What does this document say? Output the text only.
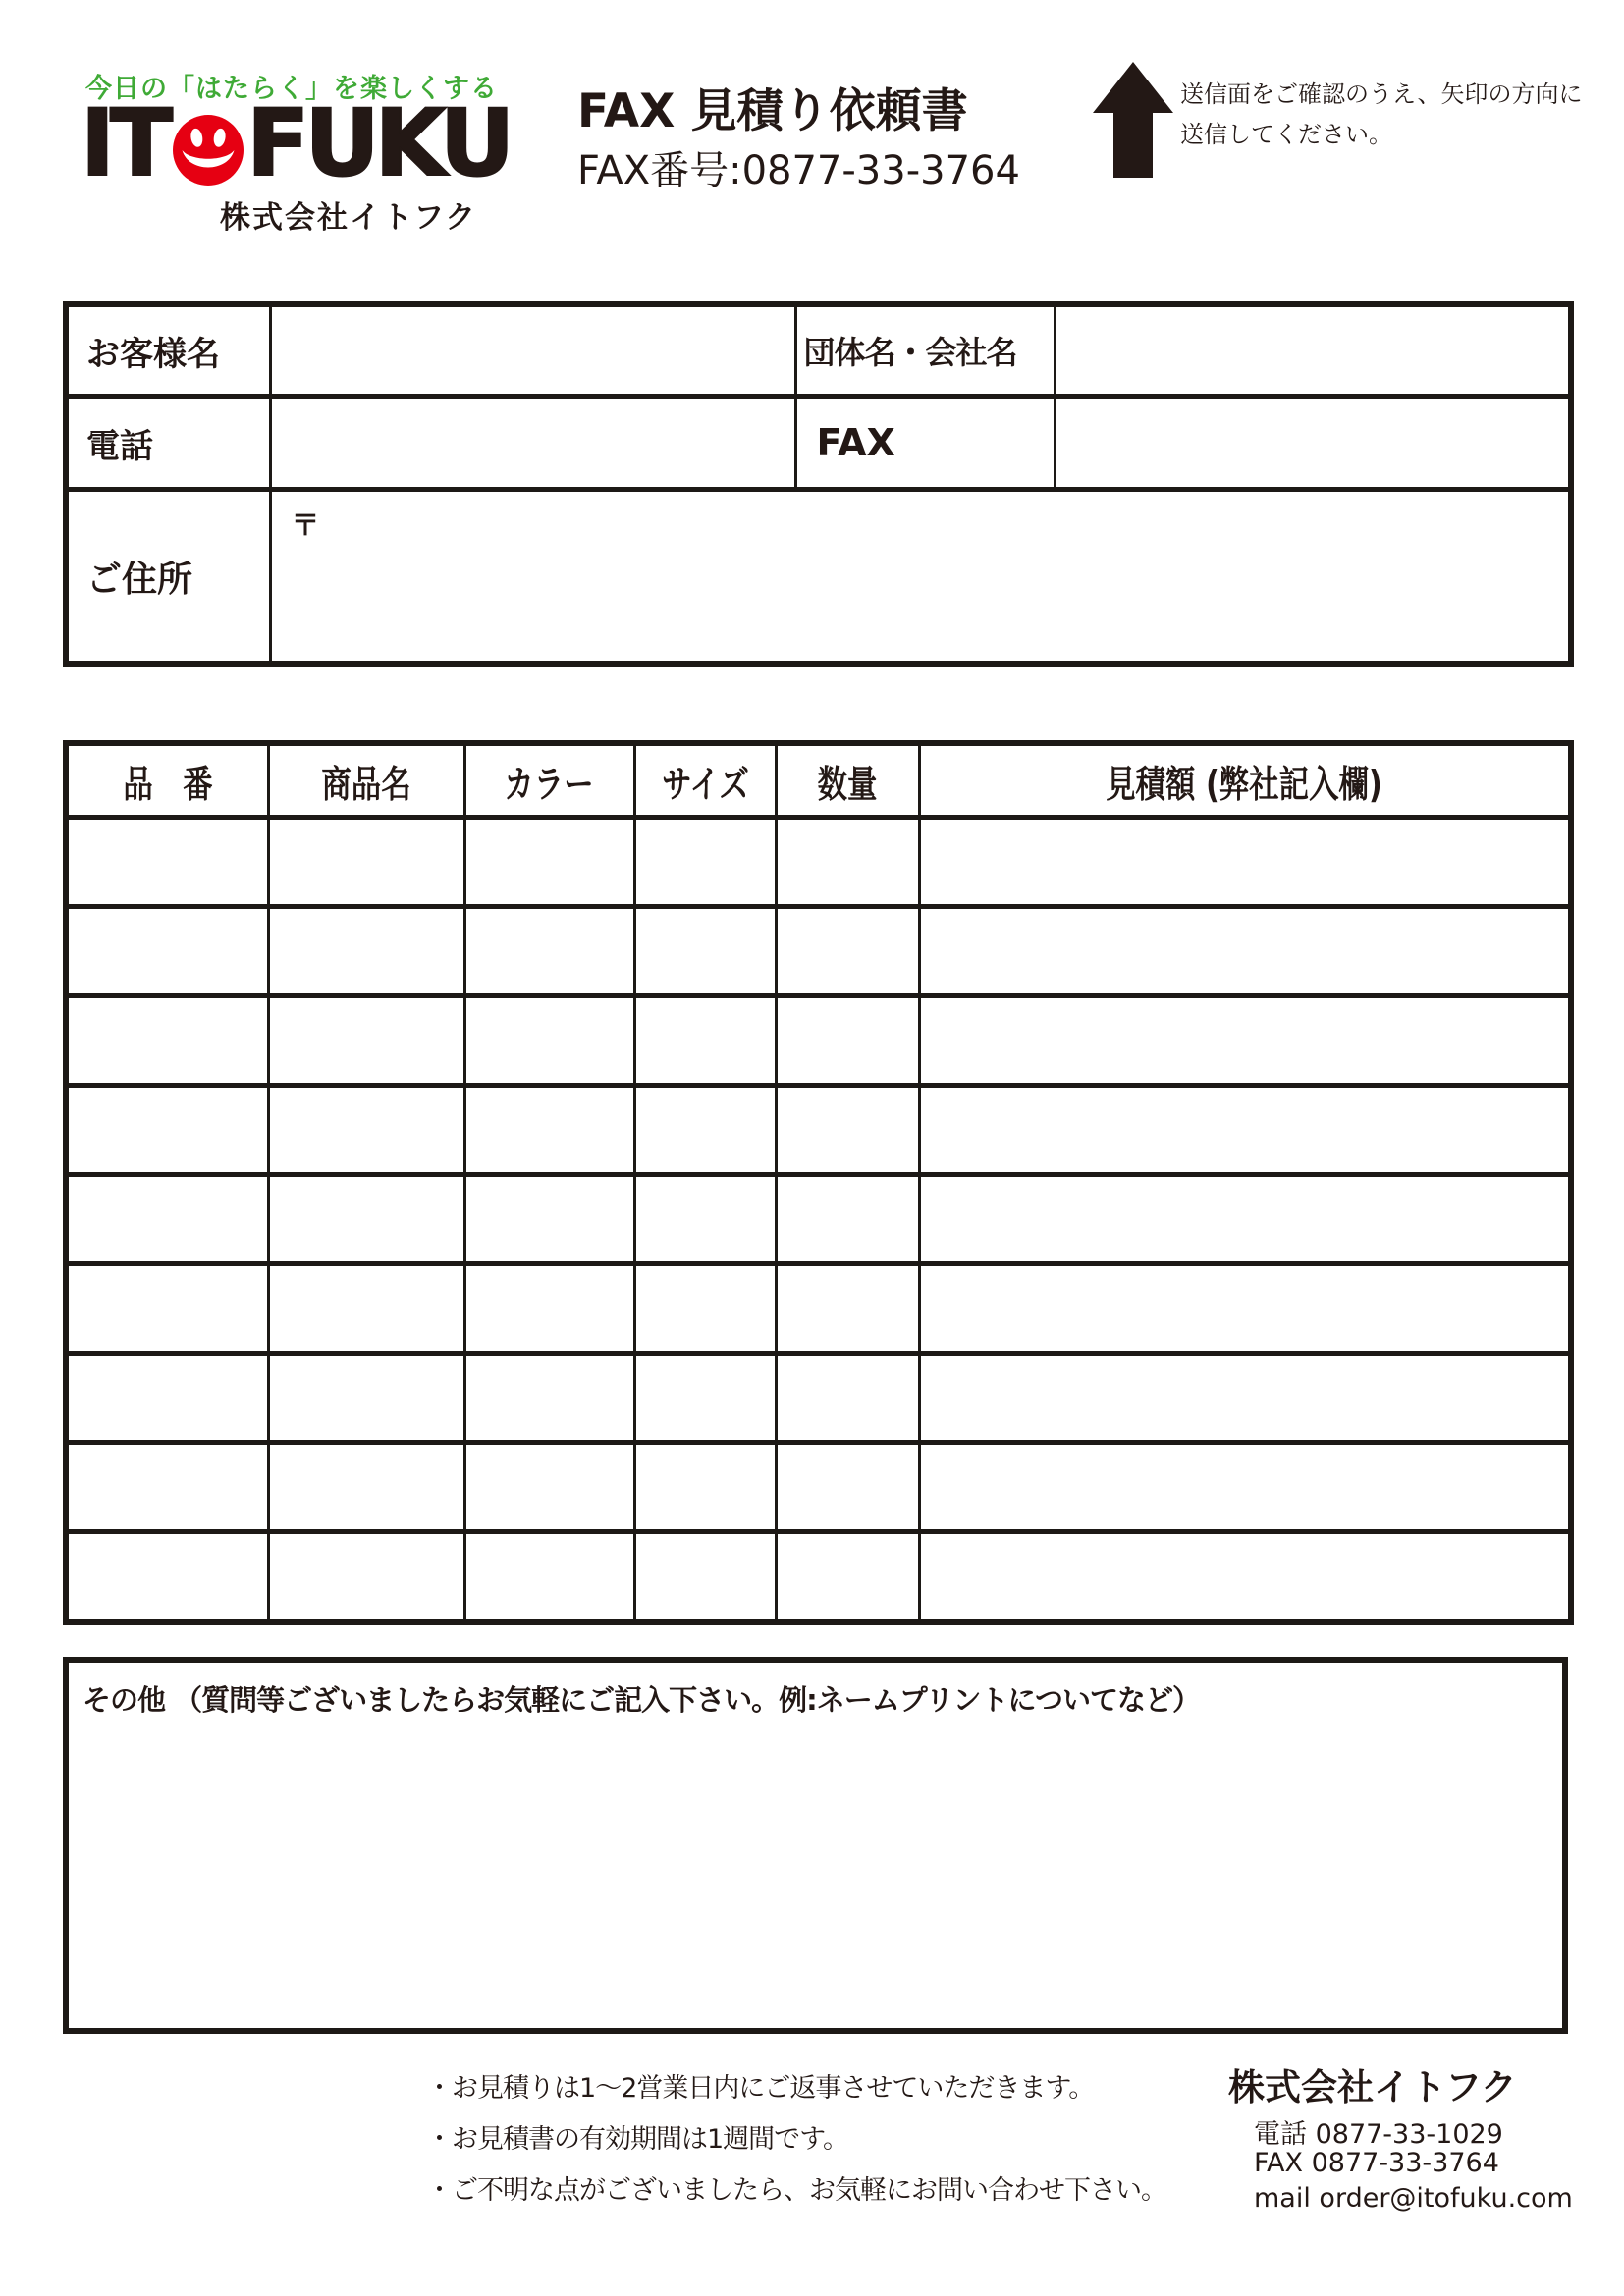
今日の「はたらく」を楽しくする
IT FUKU
株式会社イトフク
FAX 見積り依頼書
FAX番号:0877-33-3764
送信面をご確認のうえ、矢印の方向に
送信してください。
お客様名		団体名・会社名	
電話		FAX	
ご住所	〒		
品　番	商品名	カラー	サイズ	数量	見積額 (弊社記入欄)

その他 （質問等ございましたらお気軽にご記入下さい。例:ネームプリントについてなど）
・お見積りは1～2営業日内にご返事させていただきます。
・お見積書の有効期間は1週間です。
・ご不明な点がございましたら、お気軽にお問い合わせ下さい。
株式会社イトフク
電話 0877-33-1029
FAX 0877-33-3764
mail order@itofuku.com
